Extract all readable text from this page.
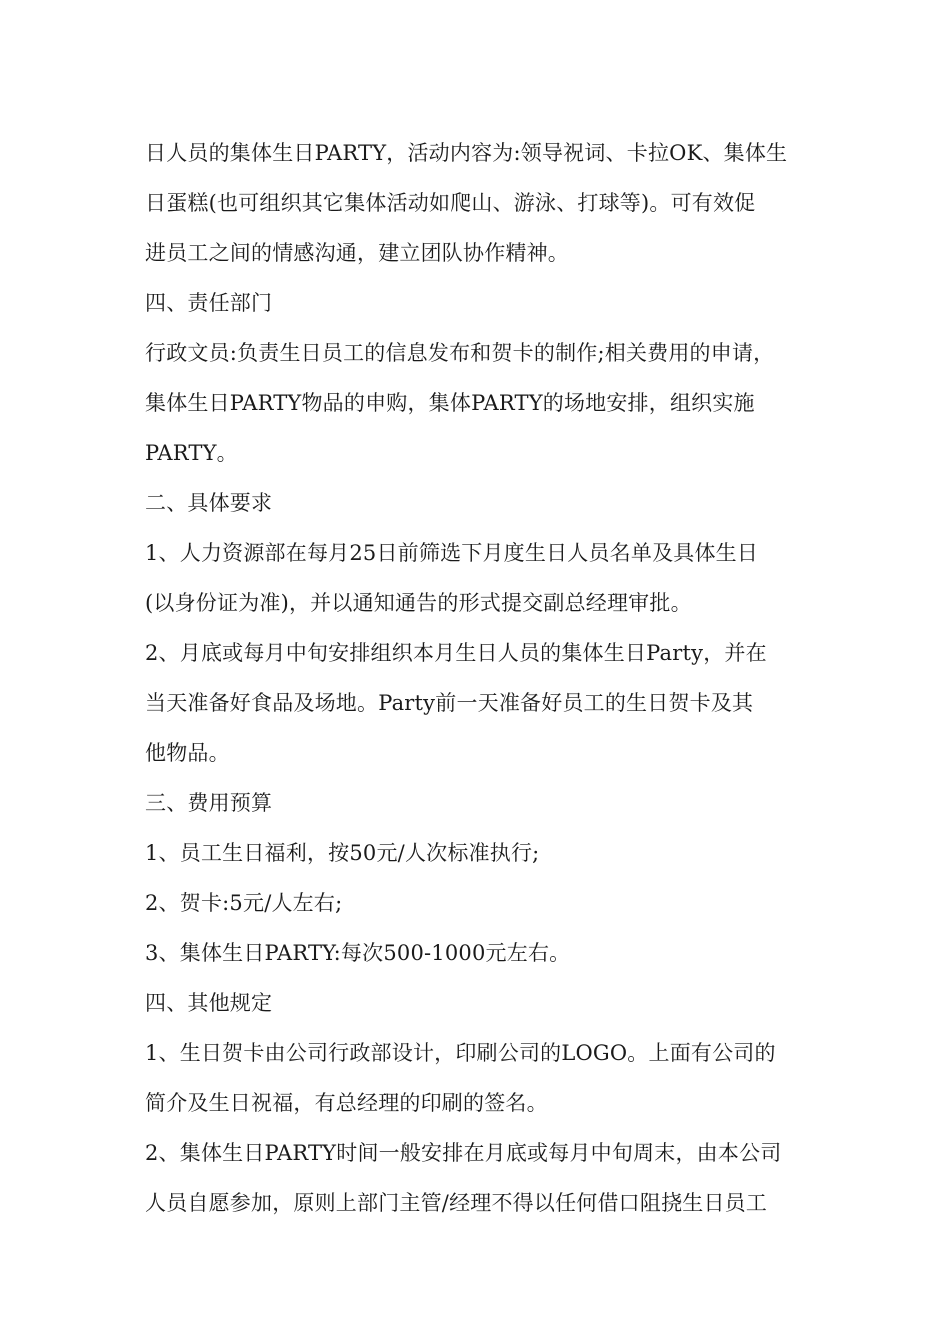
日人员的集体生日PARTY，活动内容为:领导祝词、卡拉OK、集体生
日蛋糕(也可组织其它集体活动如爬山、游泳、打球等)。可有效促
进员工之间的情感沟通，建立团队协作精神。
四、责任部门
行政文员:负责生日员工的信息发布和贺卡的制作;相关费用的申请，
集体生日PARTY物品的申购，集体PARTY的场地安排，组织实施
PARTY。
二、具体要求
1、人力资源部在每月25日前筛选下月度生日人员名单及具体生日
(以身份证为准)，并以通知通告的形式提交副总经理审批。
2、月底或每月中旬安排组织本月生日人员的集体生日Party，并在
当天准备好食品及场地。Party前一天准备好员工的生日贺卡及其
他物品。
三、费用预算
1、员工生日福利，按50元/人次标准执行;
2、贺卡:5元/人左右;
3、集体生日PARTY:每次500-1000元左右。
四、其他规定
1、生日贺卡由公司行政部设计，印刷公司的LOGO。上面有公司的
简介及生日祝福，有总经理的印刷的签名。
2、集体生日PARTY时间一般安排在月底或每月中旬周末，由本公司
人员自愿参加，原则上部门主管/经理不得以任何借口阻挠生日员工
